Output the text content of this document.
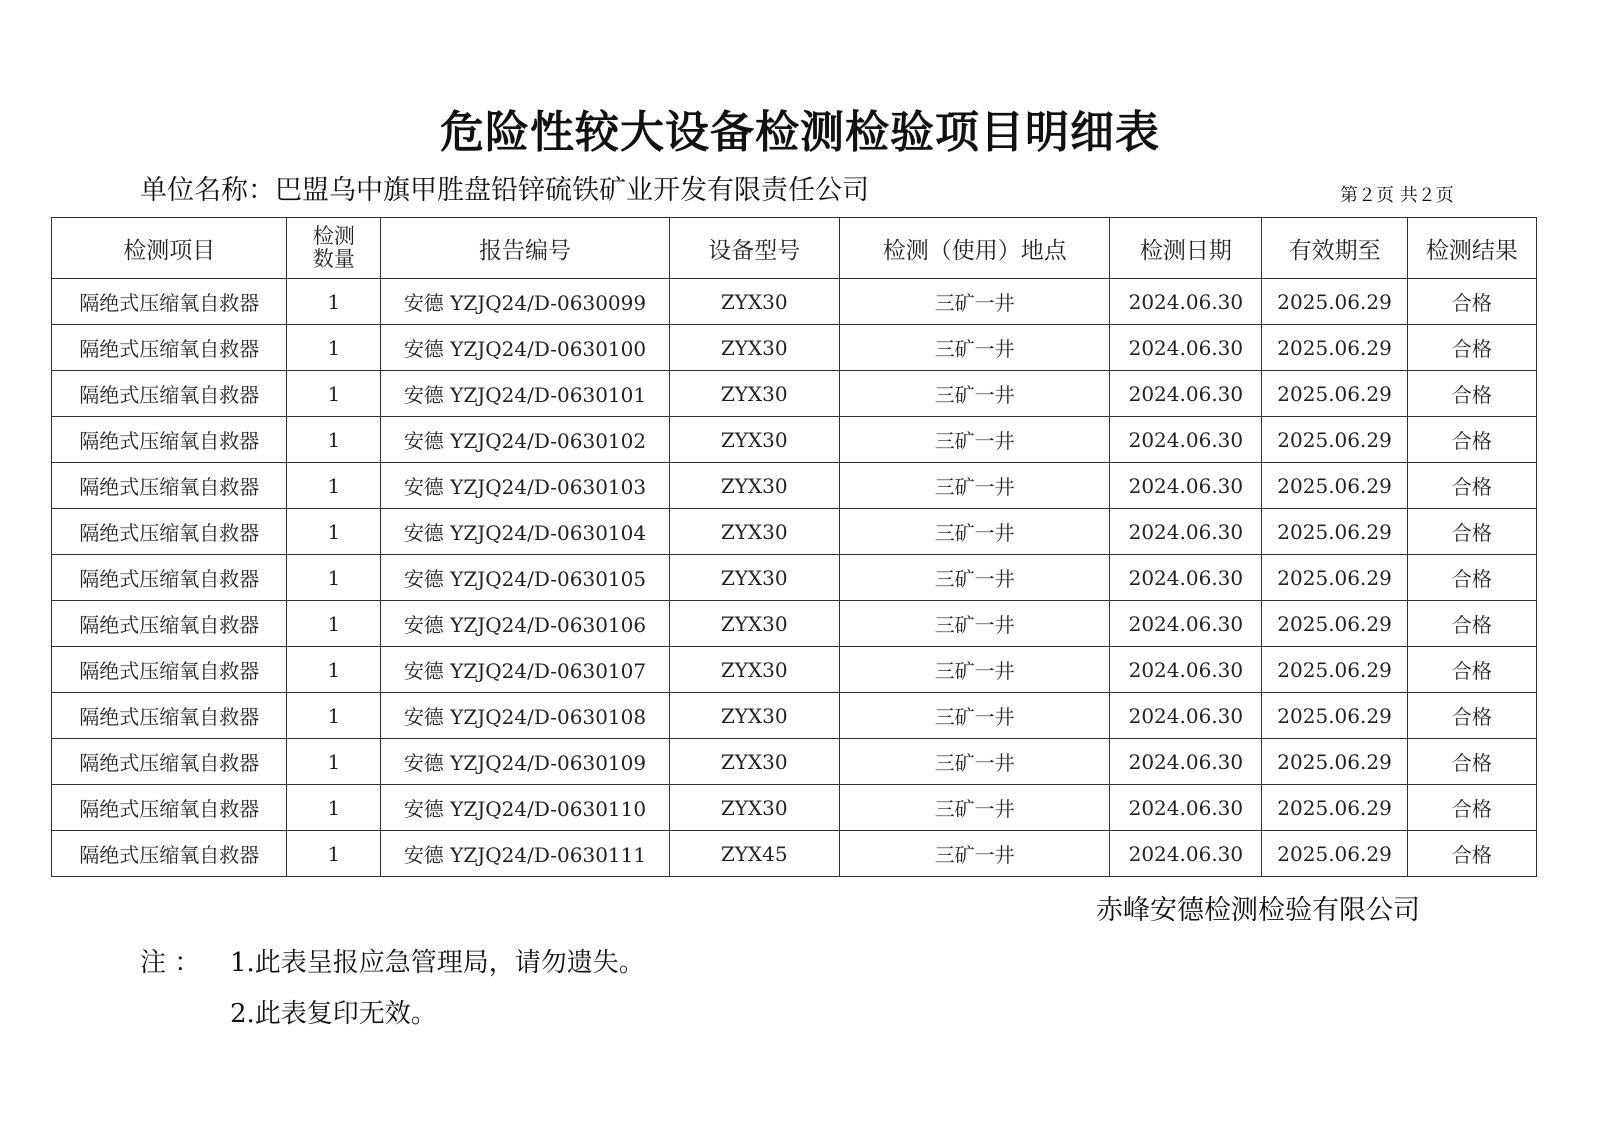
危险性较大设备检测检验项目明细表
单位名称：巴盟乌中旗甲胜盘铅锌硫铁矿业开发有限责任公司	第２页 共２页
检测项目	检测数量	报告编号	设备型号	检测（使用）地点	检测日期	有效期至	检测结果
隔绝式压缩氧自救器	1	安德 YZJQ24/D-0630099	ZYX30	三矿一井	2024.06.30	2025.06.29	合格
隔绝式压缩氧自救器	1	安德 YZJQ24/D-0630100	ZYX30	三矿一井	2024.06.30	2025.06.29	合格
隔绝式压缩氧自救器	1	安德 YZJQ24/D-0630101	ZYX30	三矿一井	2024.06.30	2025.06.29	合格
隔绝式压缩氧自救器	1	安德 YZJQ24/D-0630102	ZYX30	三矿一井	2024.06.30	2025.06.29	合格
隔绝式压缩氧自救器	1	安德 YZJQ24/D-0630103	ZYX30	三矿一井	2024.06.30	2025.06.29	合格
隔绝式压缩氧自救器	1	安德 YZJQ24/D-0630104	ZYX30	三矿一井	2024.06.30	2025.06.29	合格
隔绝式压缩氧自救器	1	安德 YZJQ24/D-0630105	ZYX30	三矿一井	2024.06.30	2025.06.29	合格
隔绝式压缩氧自救器	1	安德 YZJQ24/D-0630106	ZYX30	三矿一井	2024.06.30	2025.06.29	合格
隔绝式压缩氧自救器	1	安德 YZJQ24/D-0630107	ZYX30	三矿一井	2024.06.30	2025.06.29	合格
隔绝式压缩氧自救器	1	安德 YZJQ24/D-0630108	ZYX30	三矿一井	2024.06.30	2025.06.29	合格
隔绝式压缩氧自救器	1	安德 YZJQ24/D-0630109	ZYX30	三矿一井	2024.06.30	2025.06.29	合格
隔绝式压缩氧自救器	1	安德 YZJQ24/D-0630110	ZYX30	三矿一井	2024.06.30	2025.06.29	合格
隔绝式压缩氧自救器	1	安德 YZJQ24/D-0630111	ZYX45	三矿一井	2024.06.30	2025.06.29	合格
赤峰安德检测检验有限公司
注 ： 1.此表呈报应急管理局，请勿遗失。
2.此表复印无效。
